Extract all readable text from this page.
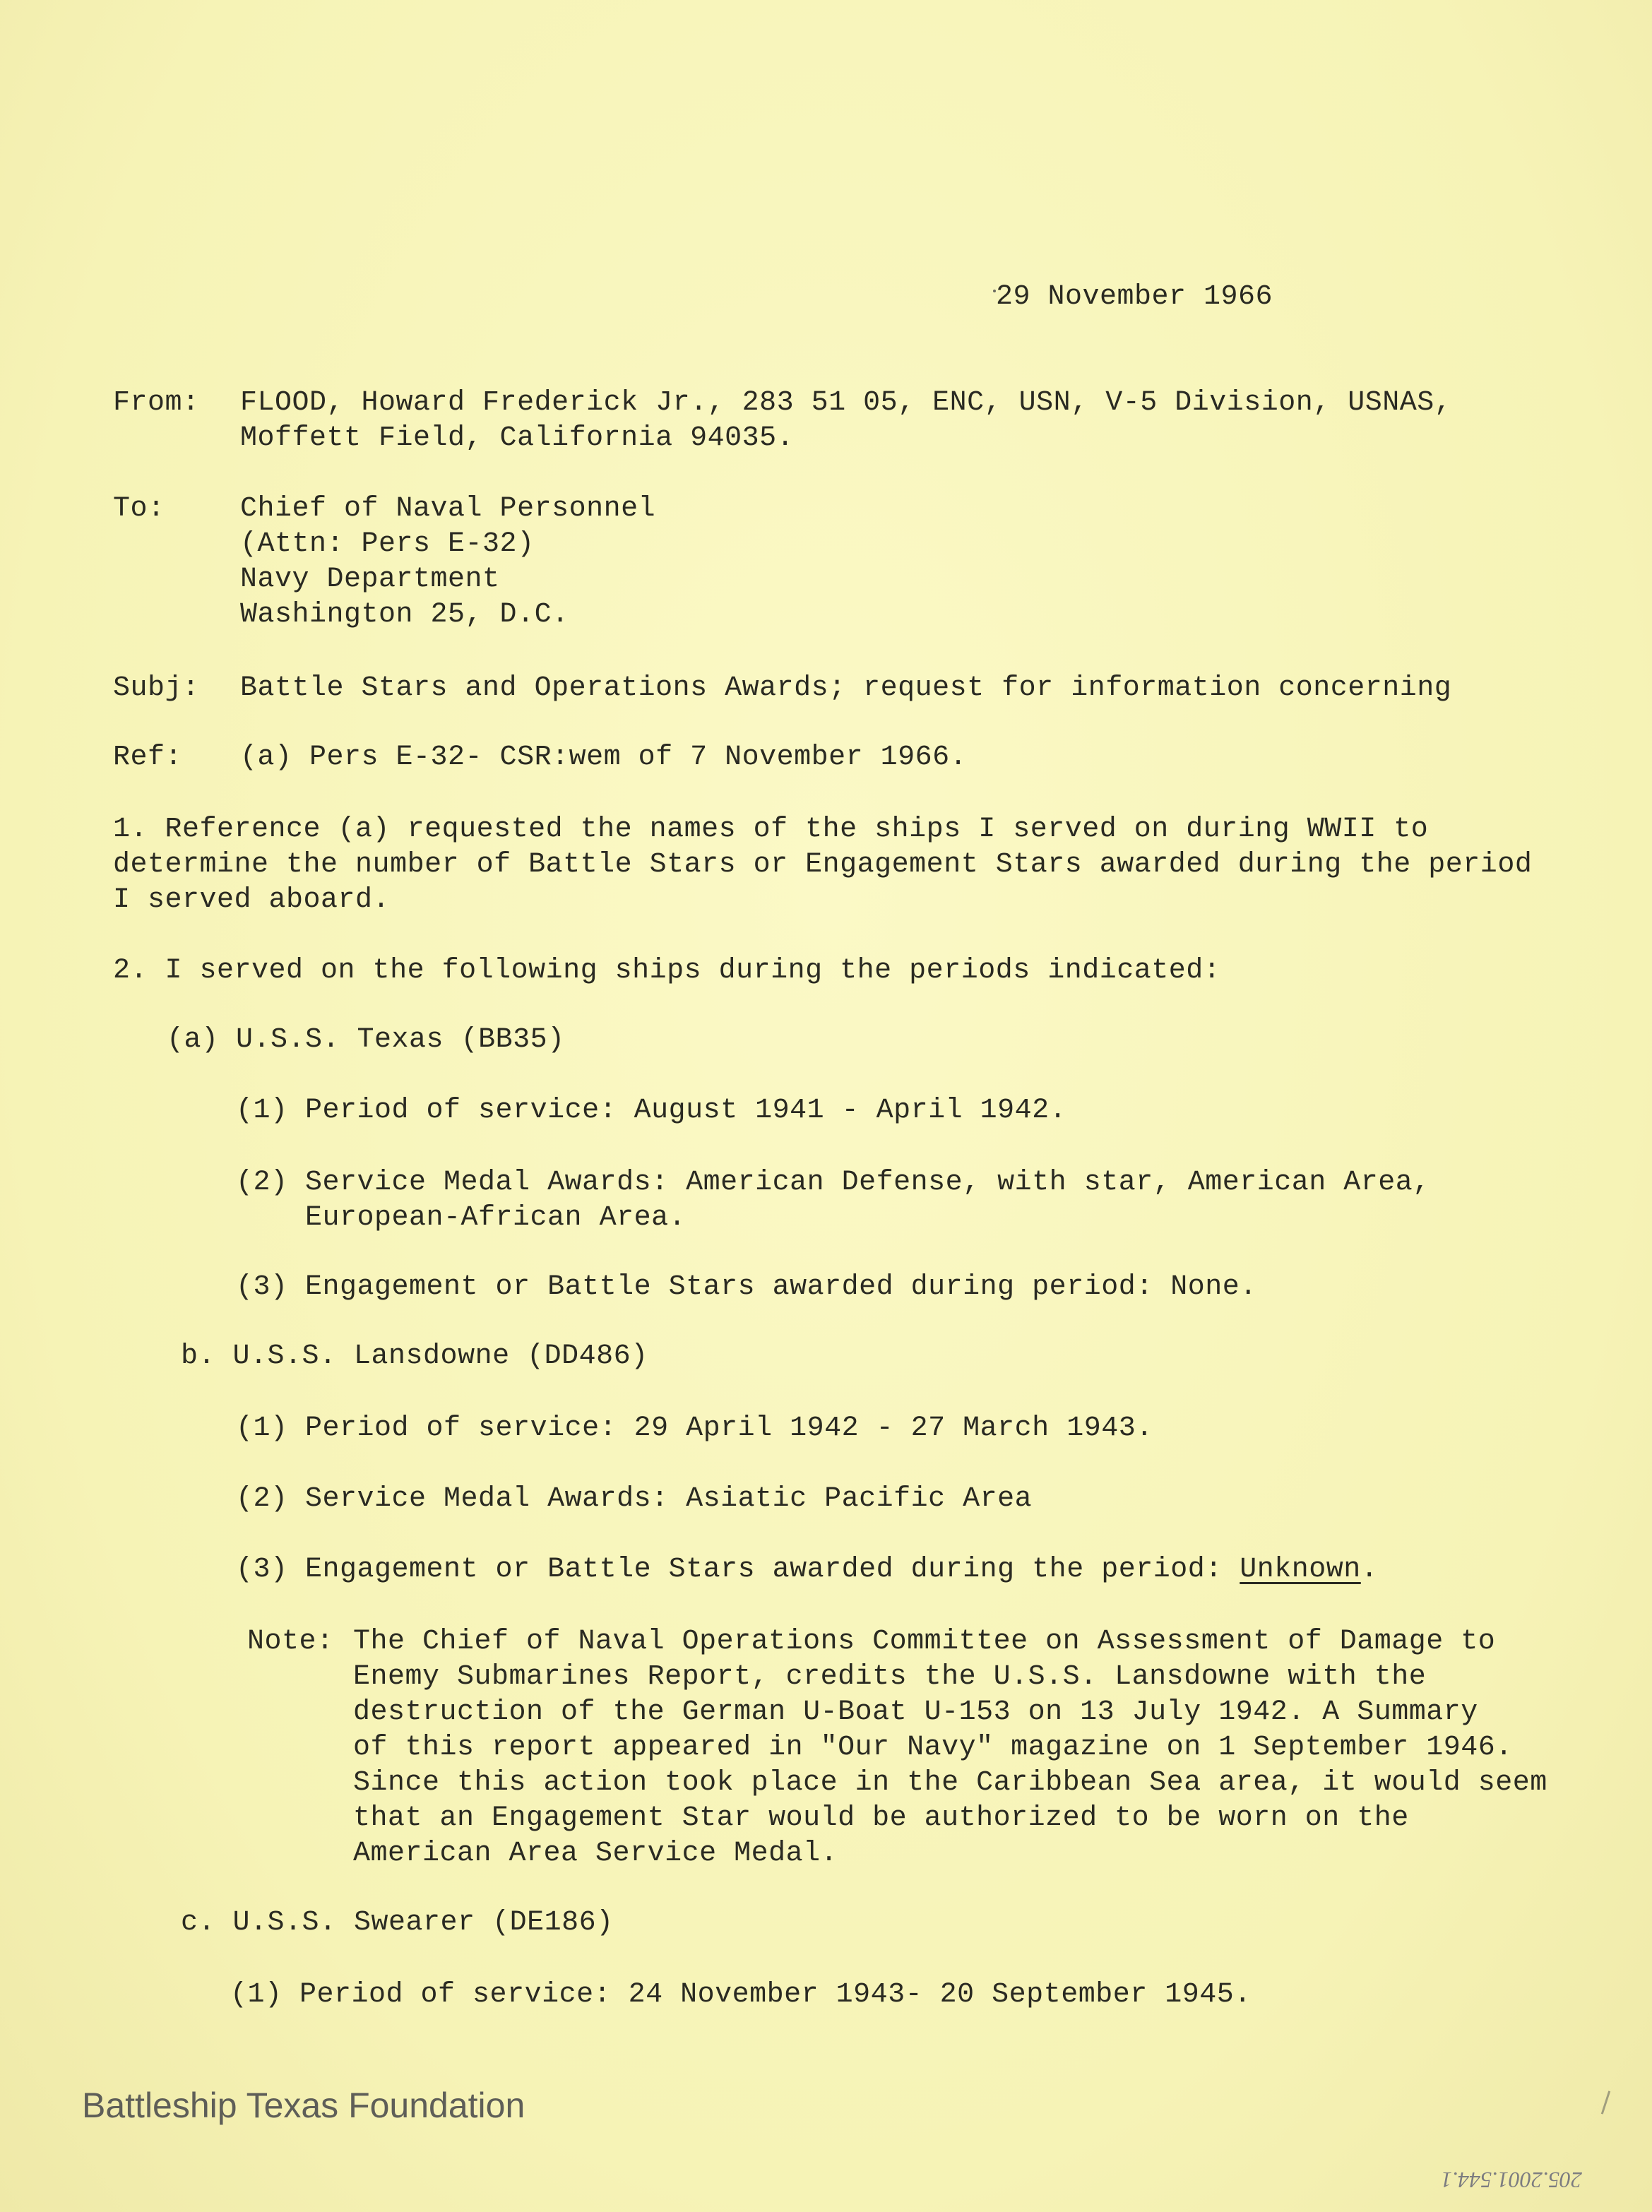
29 November 1966
From: FLOOD, Howard Frederick Jr., 283 51 05, ENC, USN, V-5 Division, USNAS,
Moffett Field, California 94035.
To:	Chief of Naval Personnel
(Attn: Pers E-32)
Navy Department
Washington 25, D.C.
Subj: Battle Stars and Operations Awards; request for information concerning
Ref: (a) Pers E-32- CSR:wem of 7 November 1966.
1. Reference (a) requested the names of the ships I served on during WWII to
determine the number of Battle Stars or Engagement Stars awarded during the period
I served aboard.
2. I served on the following ships during the periods indicated:
(a) U.S.S. Texas (BB35)
(1) Period of service: August 1941 - April 1942.
(2) Service Medal Awards: American Defense, with star, American Area,
European-African Area.
(3) Engagement or Battle Stars awarded during period: None.
b. U.S.S. Lansdowne (DD486)
(1) Period of service: 29 April 1942 - 27 March 1943.
(2) Service Medal Awards: Asiatic Pacific Area
(3) Engagement or Battle Stars awarded during the period: Unknown.
Note: The Chief of Naval Operations Committee on Assessment of Damage to
Enemy Submarines Report, credits the U.S.S. Lansdowne with the
destruction of the German U-Boat U-153 on 13 July 1942. A Summary
of this report appeared in "Our Navy" magazine on 1 September 1946.
Since this action took place in the Caribbean Sea area, it would seem
that an Engagement Star would be authorized to be worn on the
American Area Service Medal.
c. U.S.S. Swearer (DE186)
(1) Period of service: 24 November 1943- 20 September 1945.
Battleship Texas Foundation
205.2001.544.1
